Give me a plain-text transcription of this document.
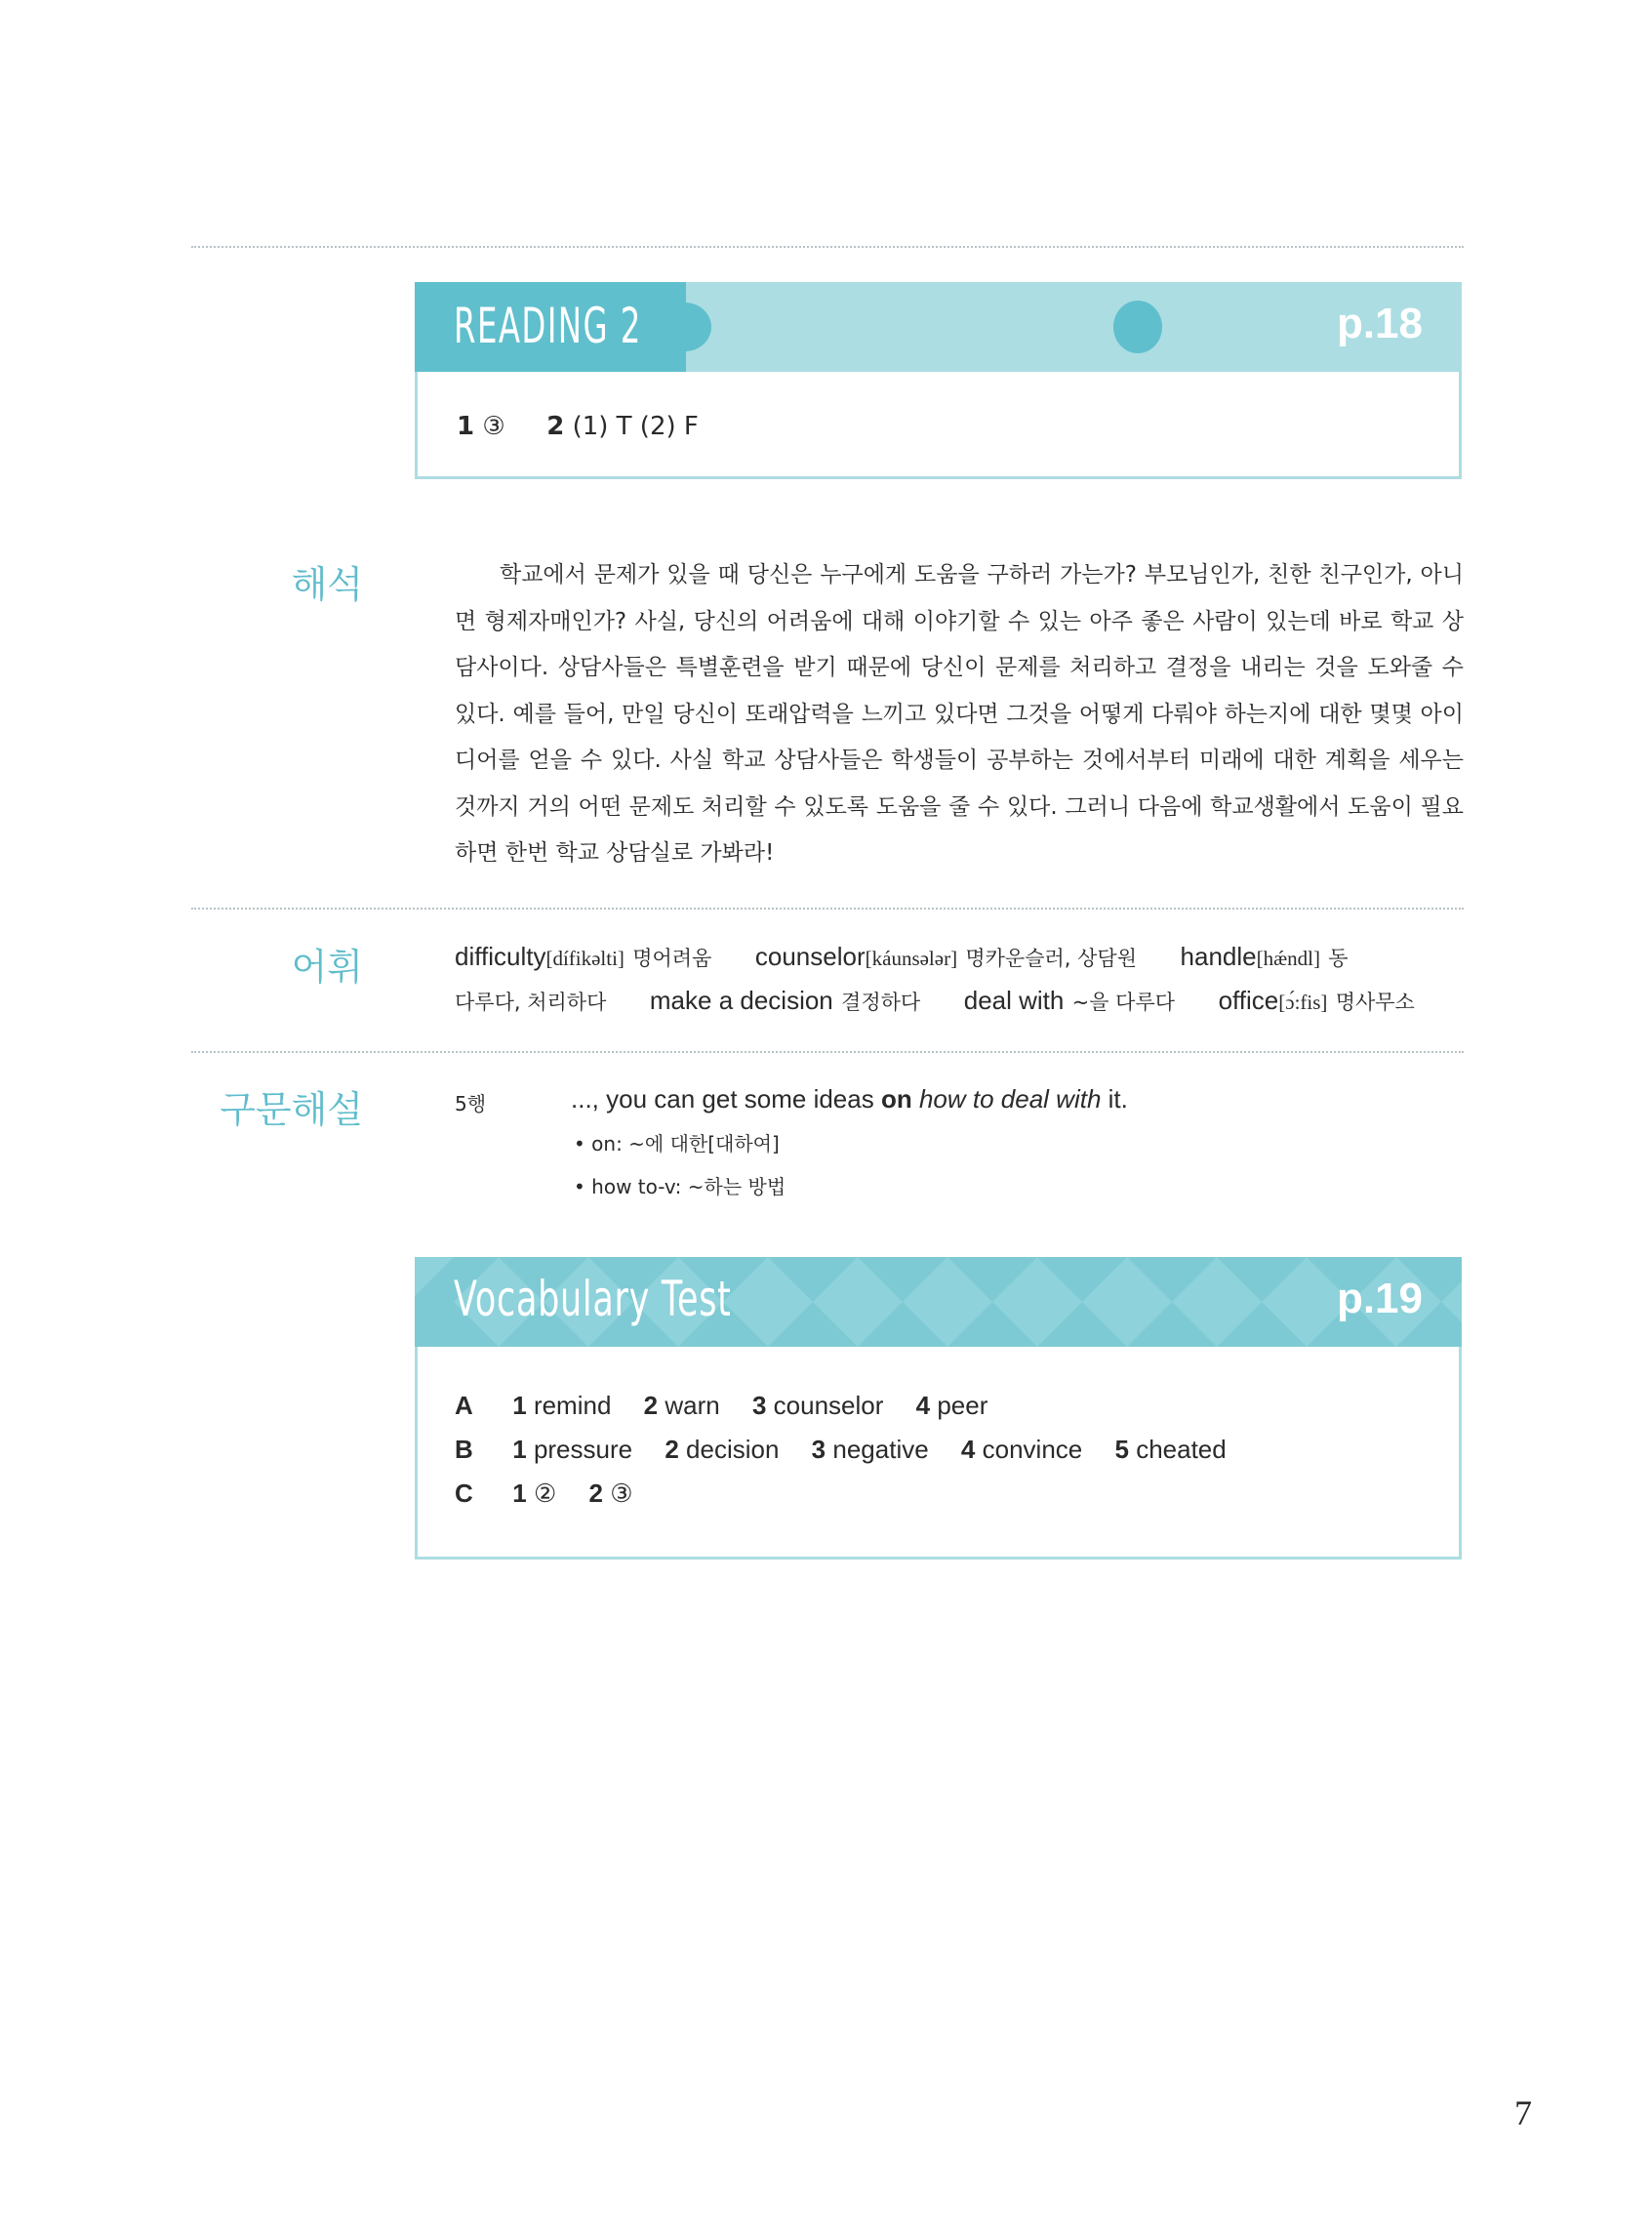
READING 2	p.18
1 ③ 2 (1) T (2) F
해석	학교에서 문제가 있을 때 당신은 누구에게 도움을 구하러 가는가? 부모님인가, 친한 친구인가, 아니면 형제자매인가? 사실, 당신의 어려움에 대해 이야기할 수 있는 아주 좋은 사람이 있는데 바로 학교 상담사이다. 상담사들은 특별훈련을 받기 때문에 당신이 문제를 처리하고 결정을 내리는 것을 도와줄 수 있다. 예를 들어, 만일 당신이 또래압력을 느끼고 있다면 그것을 어떻게 다뤄야 하는지에 대한 몇몇 아이디어를 얻을 수 있다. 사실 학교 상담사들은 학생들이 공부하는 것에서부터 미래에 대한 계획을 세우는 것까지 거의 어떤 문제도 처리할 수 있도록 도움을 줄 수 있다. 그러니 다음에 학교생활에서 도움이 필요하면 한번 학교 상담실로 가봐라!

어휘	difficulty[dífikəlti] 명어려움 counselor[káunsələr] 명카운슬러, 상담원 handle[hǽndl] 동
다루다, 처리하다 make a decision 결정하다 deal with ~을 다루다 office[ɔ́:fis] 명사무소
구문해설	5행	..., you can get some ideas on how to deal with it.
• on: ~에 대한[대하여]
• how to-v: ~하는 방법
Vocabulary Test	p.19
A 1 remind 2 warn 3 counselor 4 peer
B 1 pressure 2 decision 3 negative 4 convince 5 cheated
C 1 ② 2 ③
7
